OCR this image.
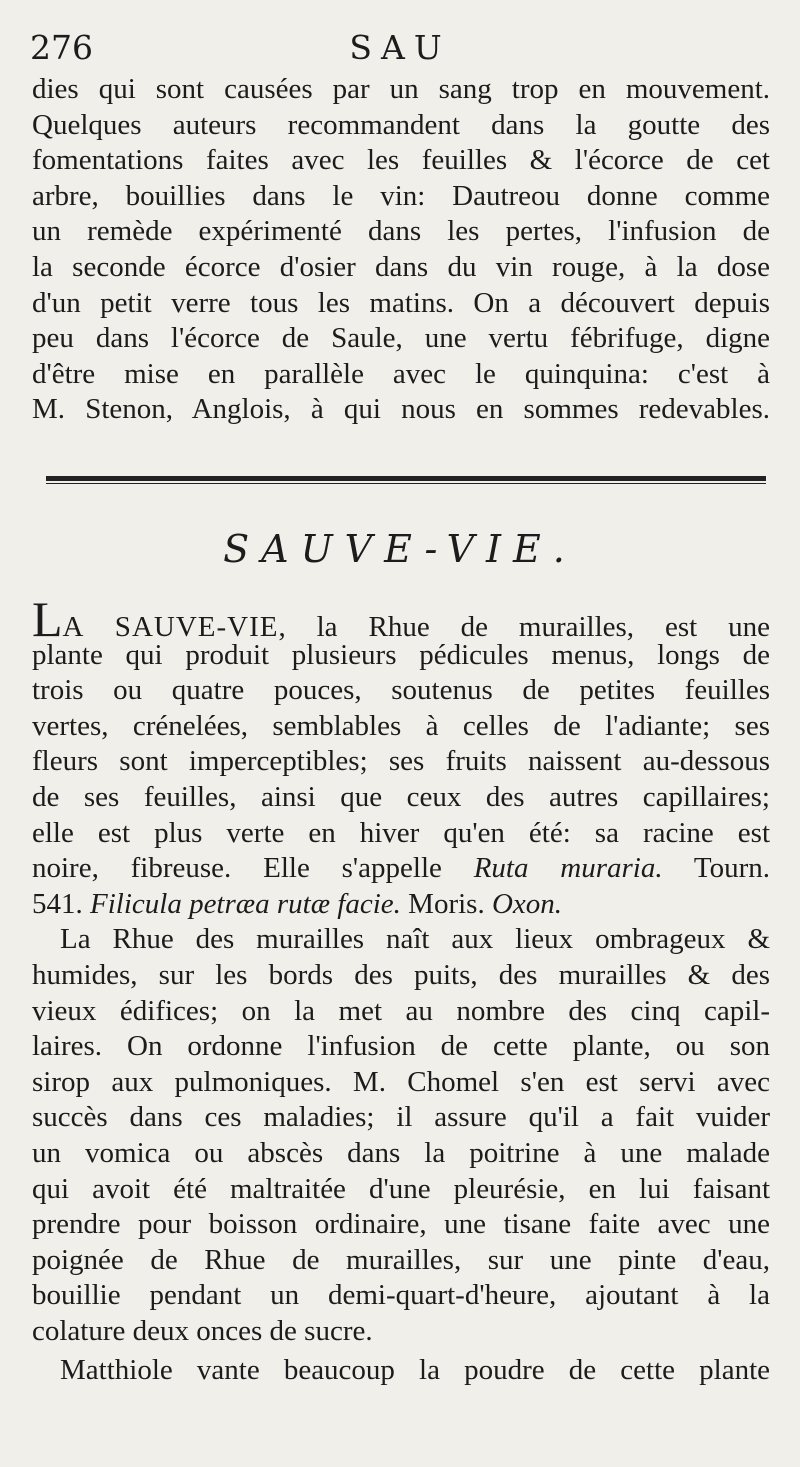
276	SAU
dies qui sont causées par un sang trop en mouvement.
Quelques auteurs recommandent dans la goutte des
fomentations faites avec les feuilles & l'écorce de cet
arbre, bouillies dans le vin: Dautreou donne comme
un remède expérimenté dans les pertes, l'infusion de
la seconde écorce d'osier dans du vin rouge, à la dose
d'un petit verre tous les matins. On a découvert depuis
peu dans l'écorce de Saule, une vertu fébrifuge, digne
d'être mise en parallèle avec le quinquina: c'est à
M. Stenon, Anglois, à qui nous en sommes redevables.
SAUVE-VIE.
LA SAUVE-VIE, la Rhue de murailles, est une
plante qui produit plusieurs pédicules menus, longs de
trois ou quatre pouces, soutenus de petites feuilles
vertes, crénelées, semblables à celles de l'adiante; ses
fleurs sont imperceptibles; ses fruits naissent au-dessous
de ses feuilles, ainsi que ceux des autres capillaires;
elle est plus verte en hiver qu'en été: sa racine est
noire, fibreuse. Elle s'appelle Ruta muraria. Tourn.
541. Filicula petræa rutæ facie. Moris. Oxon.
La Rhue des murailles naît aux lieux ombrageux &
humides, sur les bords des puits, des murailles & des
vieux édifices; on la met au nombre des cinq capil-
laires. On ordonne l'infusion de cette plante, ou son
sirop aux pulmoniques. M. Chomel s'en est servi avec
succès dans ces maladies; il assure qu'il a fait vuider
un vomica ou abscès dans la poitrine à une malade
qui avoit été maltraitée d'une pleurésie, en lui faisant
prendre pour boisson ordinaire, une tisane faite avec une
poignée de Rhue de murailles, sur une pinte d'eau,
bouillie pendant un demi-quart-d'heure, ajoutant à la
colature deux onces de sucre.
Matthiole vante beaucoup la poudre de cette plante
